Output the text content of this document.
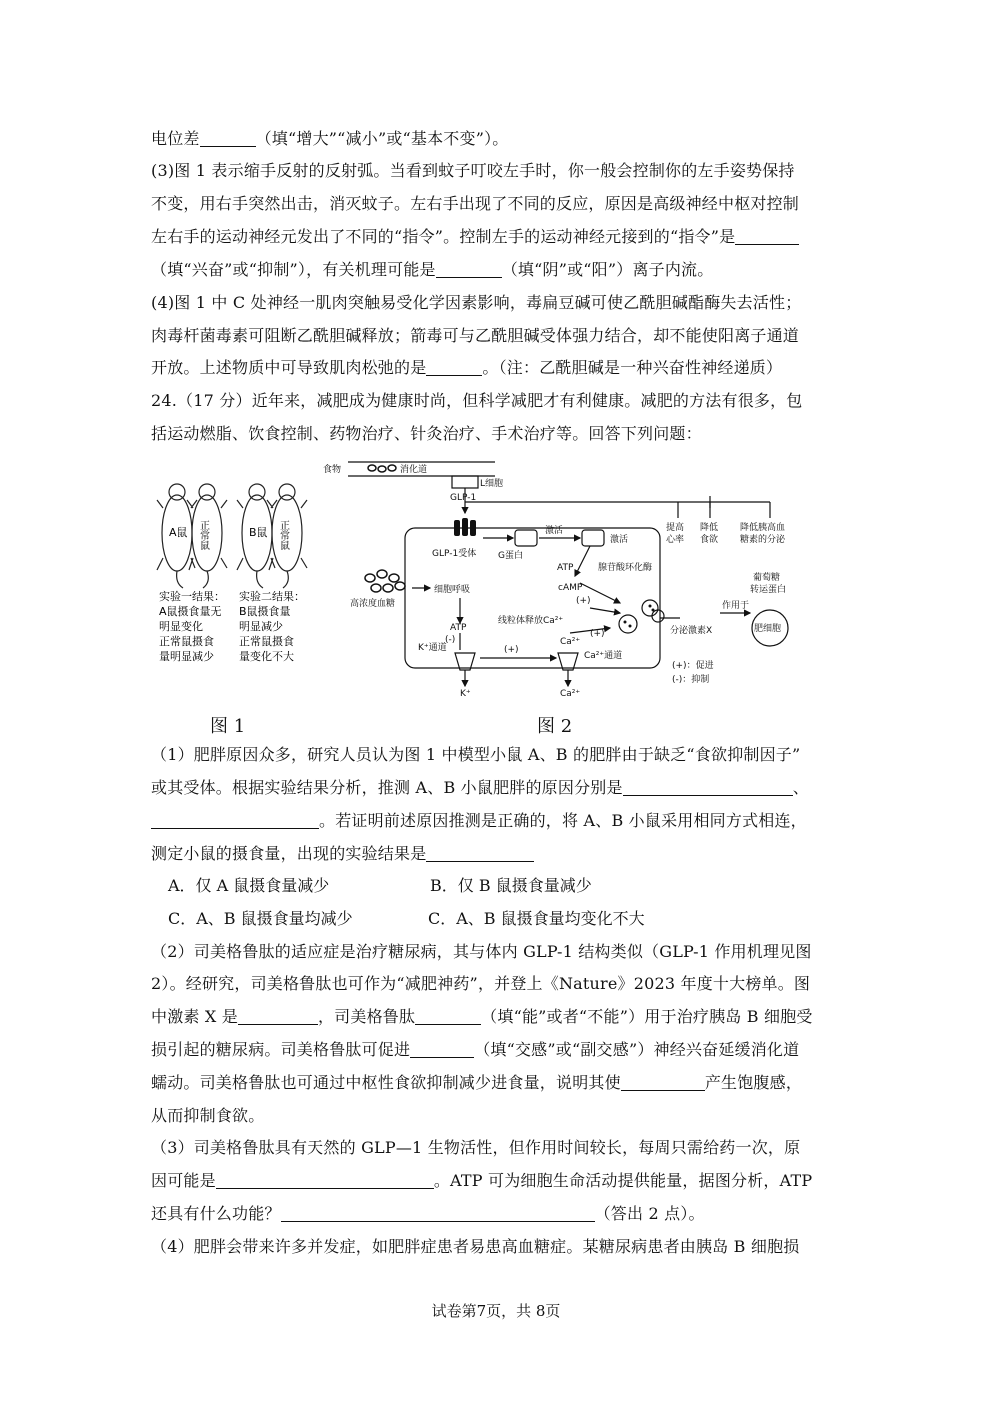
电位差	（填“增大”“减小”或“基本不变”）。
(3)图 1 表示缩手反射的反射弧。当看到蚊子叮咬左手时，你一般会控制你的左手姿势保持
不变，用右手突然出击，消灭蚊子。左右手出现了不同的反应，原因是高级神经中枢对控制
左右手的运动神经元发出了不同的“指令”。控制左手的运动神经元接到的“指令”是
（填“兴奋”或“抑制”），有关机理可能是	（填“阴”或“阳”）离子内流。
(4)图 1 中 C 处神经一肌肉突触易受化学因素影响，毒扁豆碱可使乙酰胆碱酯酶失去活性；
肉毒杆菌毒素可阻断乙酰胆碱释放；箭毒可与乙酰胆碱受体强力结合，却不能使阳离子通道
开放。上述物质中可导致肌肉松弛的是	。（注：乙酰胆碱是一种兴奋性神经递质）
24.（17 分）近年来，减肥成为健康时尚，但科学减肥才有利健康。减肥的方法有很多，包
括运动燃脂、饮食控制、药物治疗、针灸治疗、手术治疗等。回答下列问题：
A鼠	B鼠
正常鼠	正常鼠
实验一结果：
A鼠摄食量无
明显变化
正常鼠摄食
量明显减少
实验二结果：
B鼠摄食量
明显减少
正常鼠摄食
量变化不大
食物	消化道
L细胞
GLP-1
GLP-1受体
激活
G蛋白
激活
腺苷酸环化酶
ATP
cAMP
(+)
线粒体释放Ca²⁺
(+)
(+)
(-)
高浓度血糖
细胞呼吸
ATP
K⁺通道
K⁺
Ca²⁺
Ca²⁺
Ca²⁺通道
分泌激素X
作用于
肥细胞
葡萄糖
转运蛋白
提高
心率
降低
食欲
降低胰高血
糖素的分泌
(+)：促进
(-)：抑制
图 1	图 2
（1）肥胖原因众多，研究人员认为图 1 中模型小鼠 A、B 的肥胖由于缺乏“食欲抑制因子”
或其受体。根据实验结果分析，推测 A、B 小鼠肥胖的原因分别是	、
。若证明前述原因推测是正确的，将 A、B 小鼠采用相同方式相连，
测定小鼠的摄食量，出现的实验结果是
A．仅 A 鼠摄食量减少	B．仅 B 鼠摄食量减少
C．A、B 鼠摄食量均减少	C．A、B 鼠摄食量均变化不大
（2）司美格鲁肽的适应症是治疗糖尿病，其与体内 GLP-1 结构类似（GLP-1 作用机理见图
2）。经研究，司美格鲁肽也可作为“减肥神药”，并登上《Nature》2023 年度十大榜单。图
中激素 X 是	，司美格鲁肽	（填“能”或者“不能”）用于治疗胰岛 B 细胞受
损引起的糖尿病。司美格鲁肽可促进	（填“交感”或“副交感”）神经兴奋延缓消化道
蠕动。司美格鲁肽也可通过中枢性食欲抑制减少进食量，说明其使	产生饱腹感，
从而抑制食欲。
（3）司美格鲁肽具有天然的 GLP—1 生物活性，但作用时间较长，每周只需给药一次，原
因可能是	。ATP 可为细胞生命活动提供能量，据图分析，ATP
还具有什么功能？	（答出 2 点）。
（4）肥胖会带来许多并发症，如肥胖症患者易患高血糖症。某糖尿病患者由胰岛 B 细胞损
试卷第7页，共 8页
